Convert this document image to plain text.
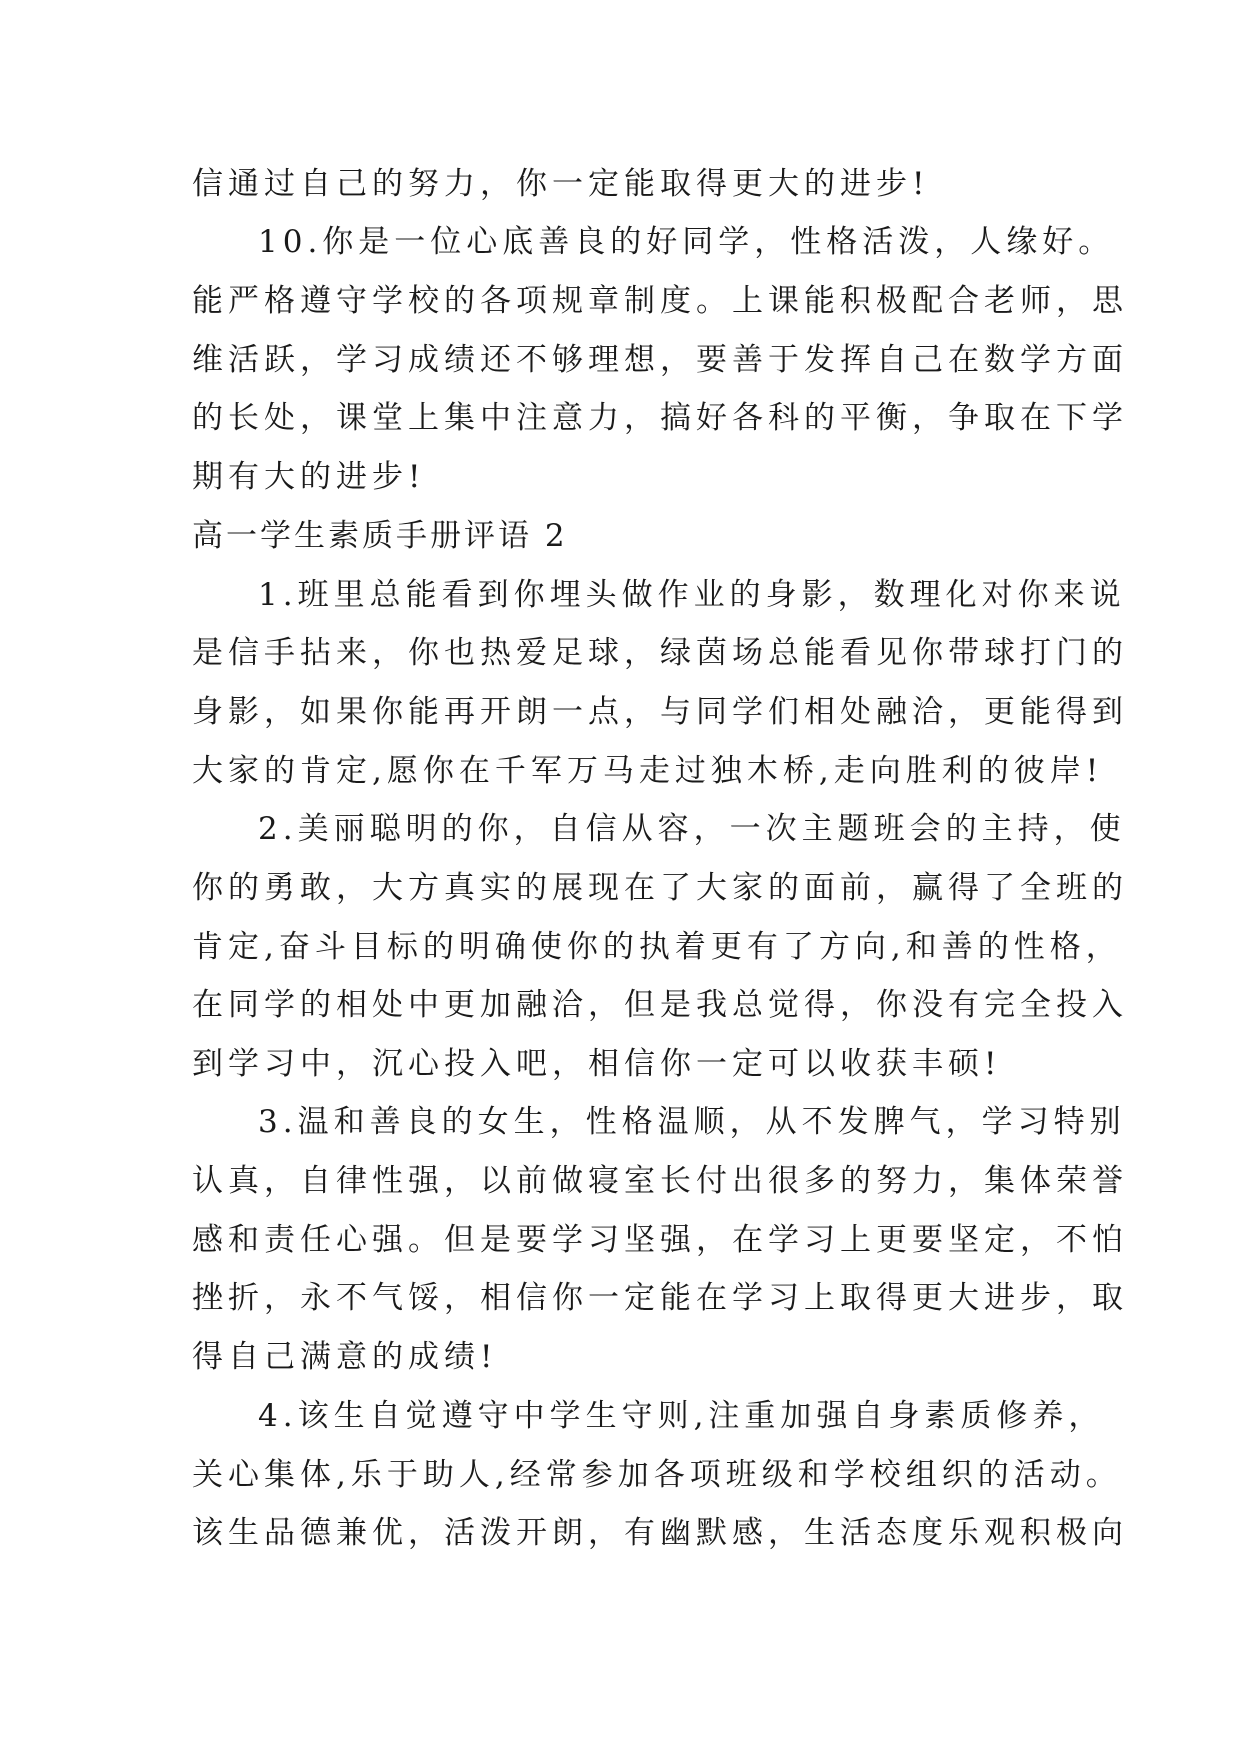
信通过自己的努力，你一定能取得更大的进步!
10.你是一位心底善良的好同学，性格活泼，人缘好。
能严格遵守学校的各项规章制度。上课能积极配合老师，思
维活跃，学习成绩还不够理想，要善于发挥自己在数学方面
的长处，课堂上集中注意力，搞好各科的平衡，争取在下学
期有大的进步!
高一学生素质手册评语 2
1.班里总能看到你埋头做作业的身影，数理化对你来说
是信手拈来，你也热爱足球，绿茵场总能看见你带球打门的
身影，如果你能再开朗一点，与同学们相处融洽，更能得到
大家的肯定,愿你在千军万马走过独木桥,走向胜利的彼岸!
2.美丽聪明的你，自信从容，一次主题班会的主持，使
你的勇敢，大方真实的展现在了大家的面前，赢得了全班的
肯定,奋斗目标的明确使你的执着更有了方向,和善的性格，
在同学的相处中更加融洽，但是我总觉得，你没有完全投入
到学习中，沉心投入吧，相信你一定可以收获丰硕!
3.温和善良的女生，性格温顺，从不发脾气，学习特别
认真，自律性强，以前做寝室长付出很多的努力，集体荣誉
感和责任心强。但是要学习坚强，在学习上更要坚定，不怕
挫折，永不气馁，相信你一定能在学习上取得更大进步，取
得自己满意的成绩!
4.该生自觉遵守中学生守则,注重加强自身素质修养，
关心集体,乐于助人,经常参加各项班级和学校组织的活动。
该生品德兼优，活泼开朗，有幽默感，生活态度乐观积极向
